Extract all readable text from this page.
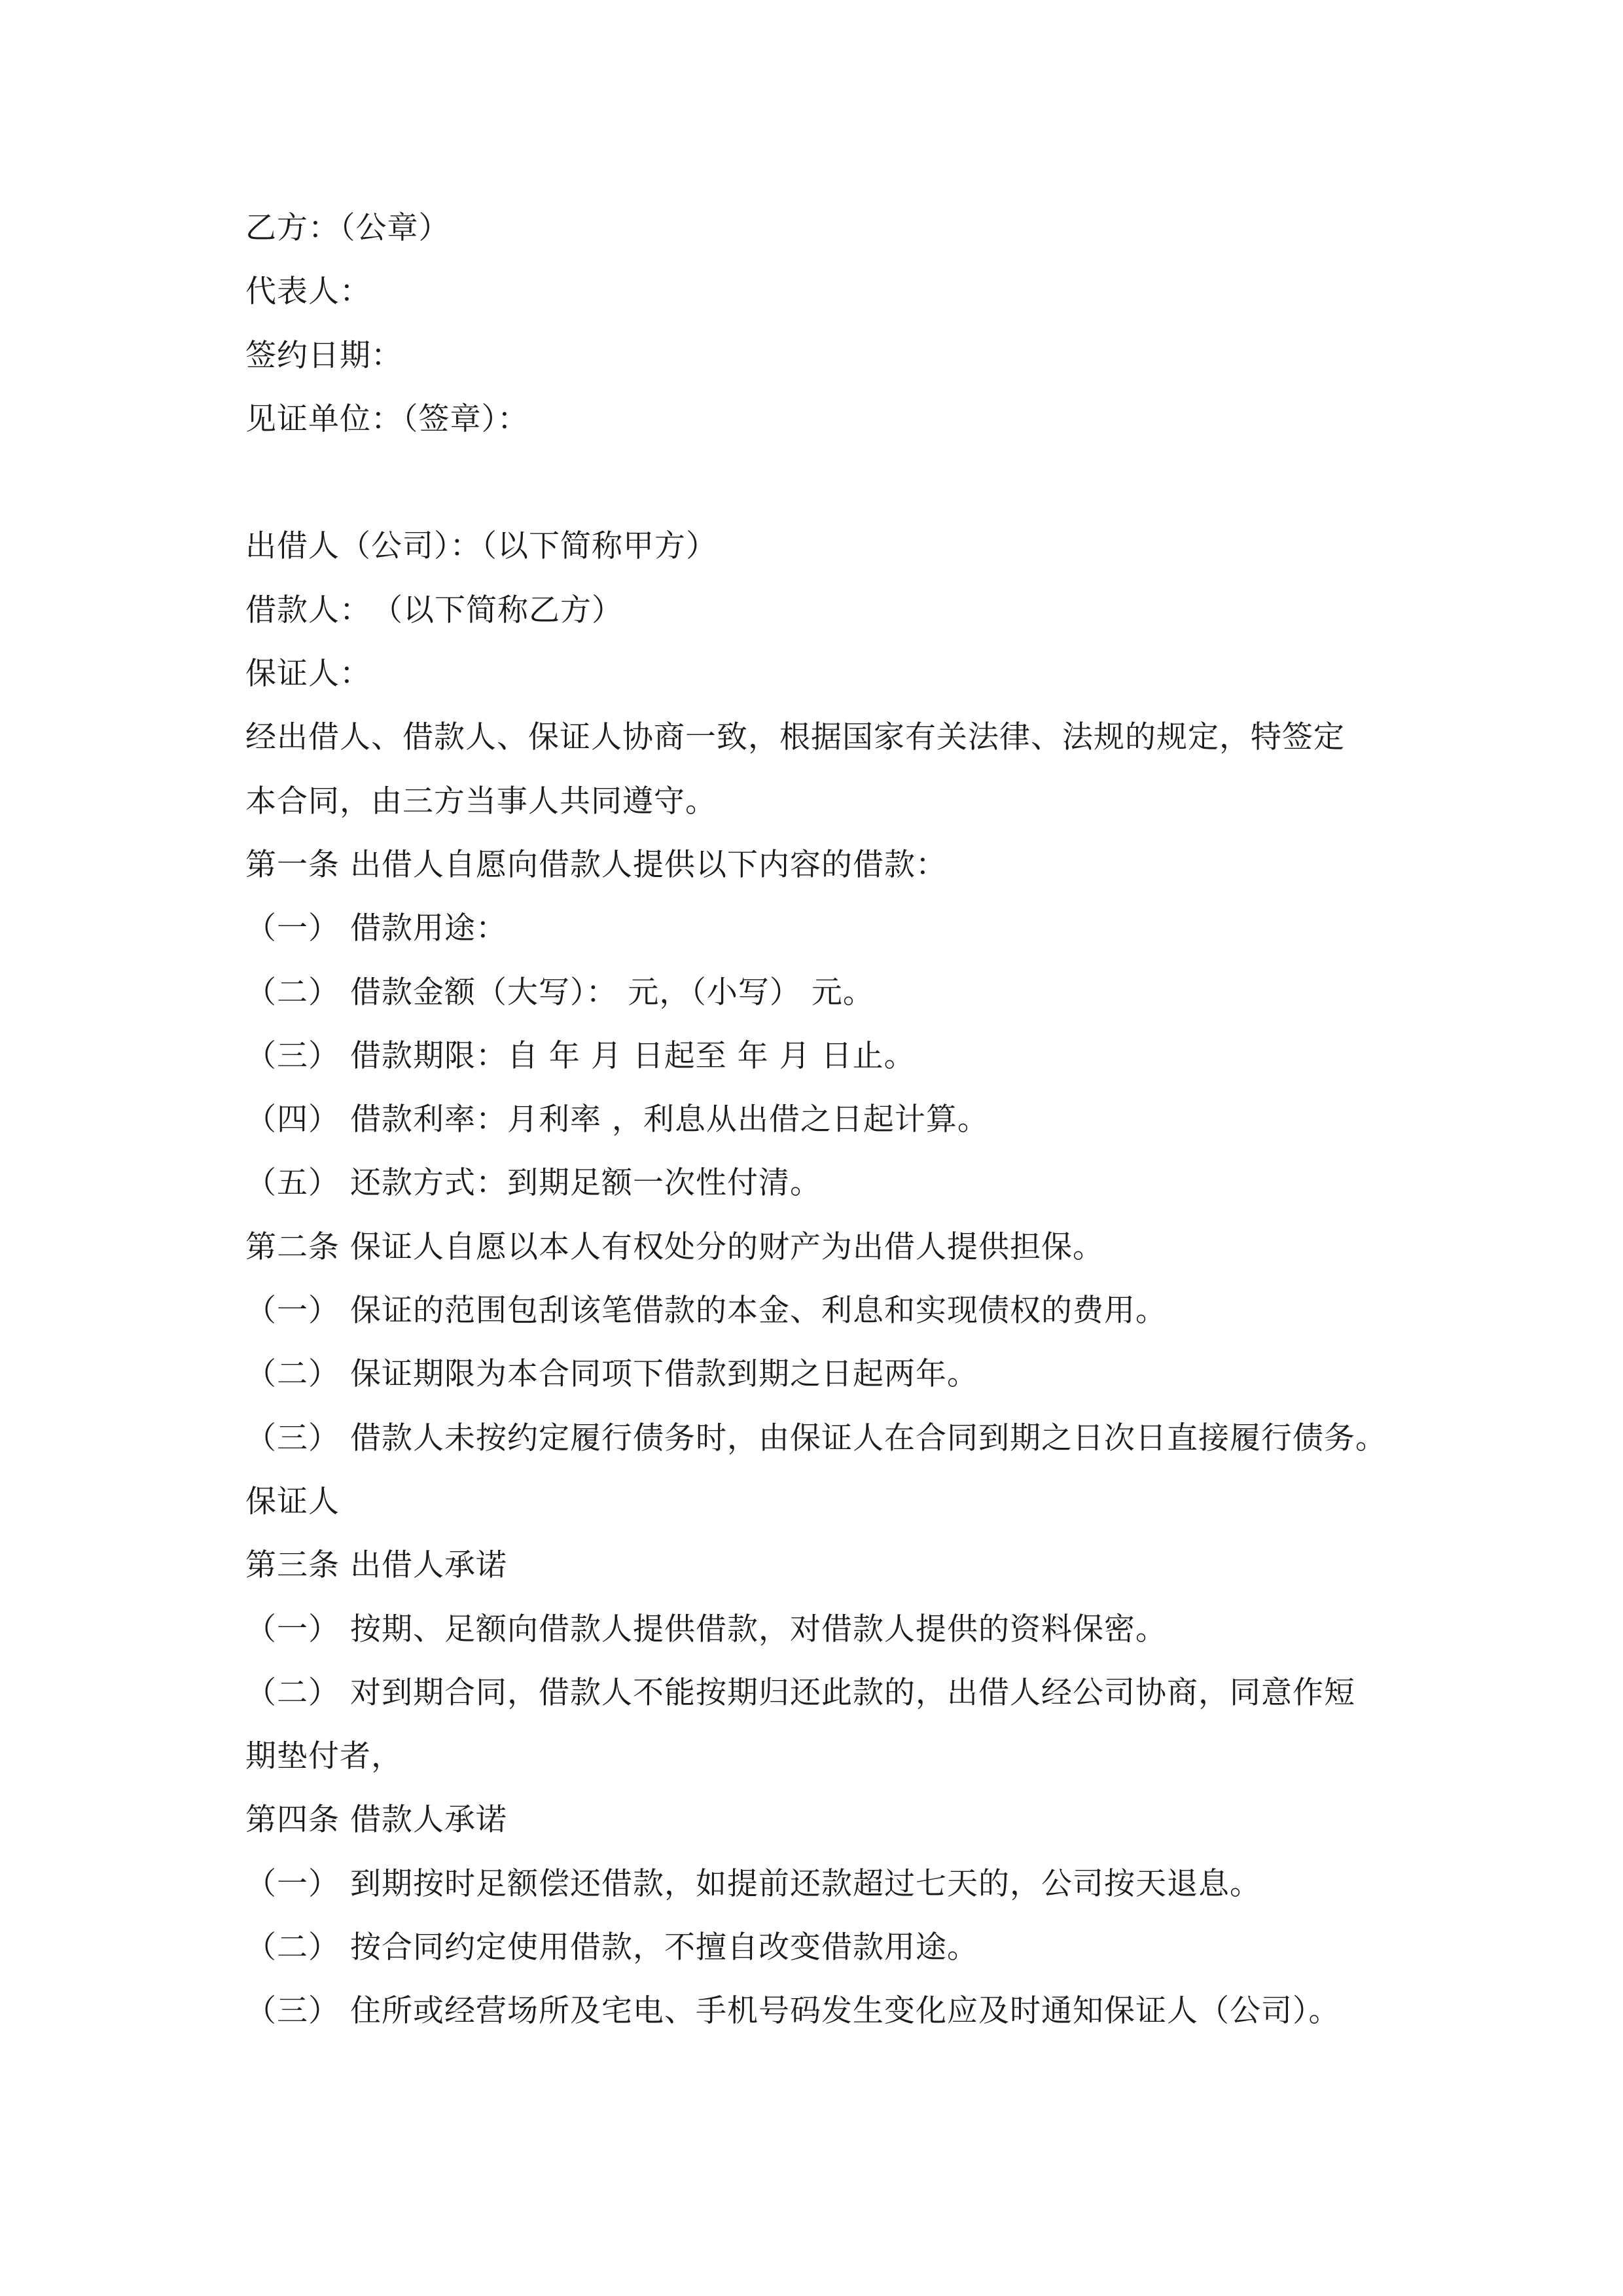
乙方：（公章）
代表人：
签约日期：
见证单位：（签章）：
出借人（公司）：（以下简称甲方）
借款人：　（以下简称乙方）
保证人：
经出借人、借款人、保证人协商一致，根据国家有关法律、法规的规定，特签定
本合同，由三方当事人共同遵守。
第一条 出借人自愿向借款人提供以下内容的借款：
（一） 借款用途：
（二） 借款金额（大写）： 元，（小写） 元。
（三） 借款期限：自 年 月 日起至 年 月 日止。
（四） 借款利率：月利率 ，利息从出借之日起计算。
（五） 还款方式：到期足额一次性付清。
第二条 保证人自愿以本人有权处分的财产为出借人提供担保。
（一） 保证的范围包刮该笔借款的本金、利息和实现债权的费用。
（二） 保证期限为本合同项下借款到期之日起两年。
（三） 借款人未按约定履行债务时，由保证人在合同到期之日次日直接履行债务。
保证人
第三条 出借人承诺
（一） 按期、足额向借款人提供借款，对借款人提供的资料保密。
（二） 对到期合同，借款人不能按期归还此款的，出借人经公司协商，同意作短
期垫付者，
第四条 借款人承诺
（一） 到期按时足额偿还借款，如提前还款超过七天的，公司按天退息。
（二） 按合同约定使用借款，不擅自改变借款用途。
（三） 住所或经营场所及宅电、手机号码发生变化应及时通知保证人（公司）。
